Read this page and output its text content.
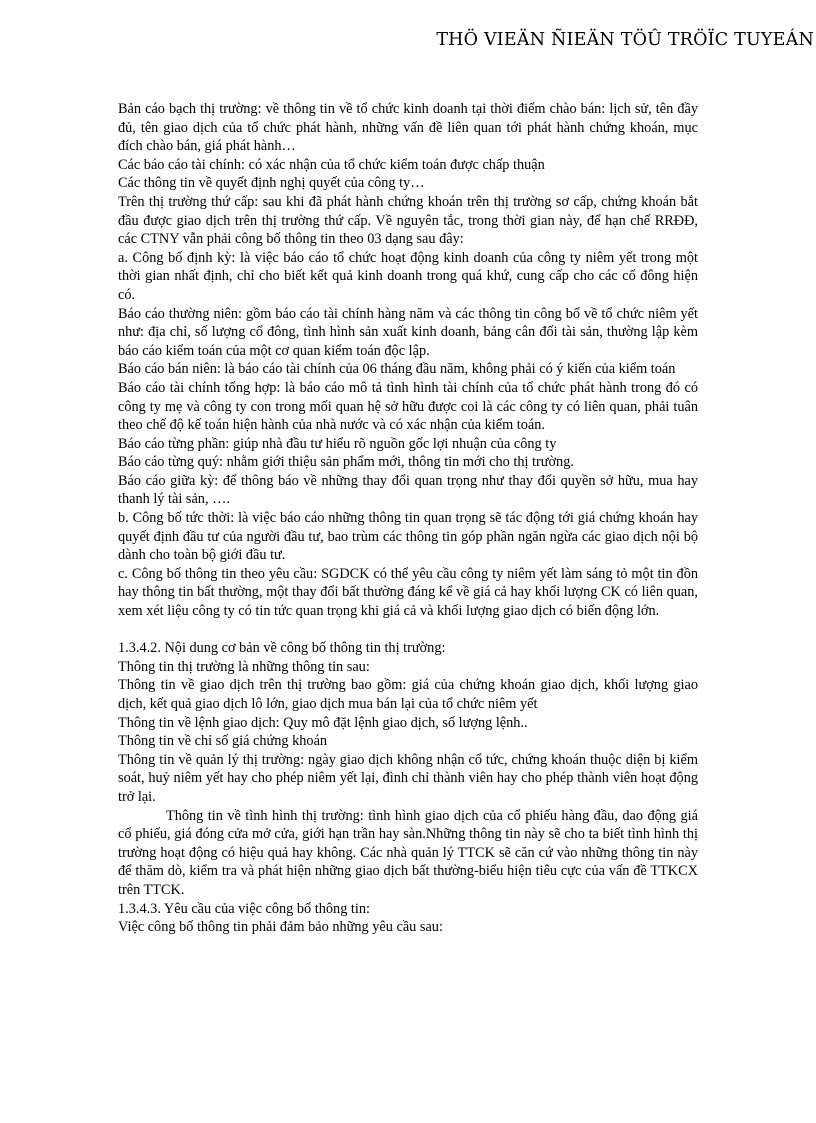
THÖ VIEÄN ÑIEÄN TÖÛ TRÖÏC TUYEÁN

Bản cáo bạch thị trường: về thông tin về tổ chức kinh doanh tại thời điểm chào bán: lịch sử, tên đầy đủ, tên giao dịch của tổ chức phát hành, những vấn đề liên quan tới phát hành chứng khoán, mục đích chào bán, giá phát hành…

Các báo cáo tài chính: có xác nhận của tổ chức kiểm toán được chấp thuận

Các thông tin về quyết định nghị quyết của công ty…

Trên thị trường thứ cấp: sau khi đã phát hành chứng khoán trên thị trường sơ cấp, chứng khoán bắt đầu được giao dịch trên thị trường thứ cấp. Về nguyên tắc, trong thời gian này, để hạn chế RRĐĐ, các CTNY vẫn phải công bố thông tin theo 03 dạng sau đây:

a. Công bố định kỳ: là việc báo cáo tổ chức hoạt động kinh doanh của công ty niêm yết trong một thời gian nhất định, chỉ cho biết kết quả kinh doanh trong quá khứ, cung cấp cho các cổ đông hiện có.

Báo cáo thường niên: gồm báo cáo tài chính hàng năm và các thông tin công bố về tổ chức niêm yết như: địa chỉ, số lượng cổ đông, tình hình sản xuất kinh doanh, bảng cân đối tài sản, thường lập kèm báo cáo kiểm toán của một cơ quan kiểm toán độc lập.

Báo cáo bán niên: là báo cáo tài chính của 06 tháng đầu năm, không phải có ý kiến của kiểm toán

Báo cáo tài chính tổng hợp: là báo cáo mô tả tình hình tài chính của tổ chức phát hành trong đó có công ty mẹ và công ty con trong mối quan hệ sở hữu được coi là các công ty có liên quan, phải tuân theo chế độ kế toán hiện hành của nhà nước và có xác nhận của kiểm toán.

Báo cáo từng phần: giúp nhà đầu tư hiểu rõ nguồn gốc lợi nhuận của công ty

Báo cáo từng quý: nhằm giới thiệu sản phẩm mới, thông tin mới cho thị trường.

Báo cáo giữa kỳ: để thông báo về những thay đổi quan trọng như thay đổi quyền sở hữu, mua hay thanh lý tài sản, ….

b. Công bố tức thời: là việc báo cáo những thông tin quan trọng sẽ tác động tới giá chứng khoán hay quyết định đầu tư của người đầu tư, bao trùm các thông tin góp phần ngăn ngừa các giao dịch nội bộ dành cho toàn bộ giới đầu tư.

c. Công bố thông tin theo yêu cầu: SGDCK có thể yêu cầu công ty niêm yết làm sáng tỏ một tin đồn hay thông tin bất thường, một thay đổi bất thường đáng kể về giá cả hay khối lượng CK có liên quan, xem xét liệu công ty có tin tức quan trọng khi giá cả và khối lượng giao dịch có biến động lớn.

1.3.4.2. Nội dung cơ bản về công bố thông tin thị trường:

Thông tin thị trường là những thông tin sau:

Thông tin về giao dịch trên thị trường bao gồm: giá của chứng khoán giao dịch, khối lượng giao dịch, kết quả giao dịch lô lớn, giao dịch mua bán lại của tổ chức niêm yết

Thông tin về lệnh giao dịch: Quy mô đặt lệnh giao dịch, số lượng lệnh..

Thông tin về chỉ số giá chứng khoán

Thông tin về quản lý thị trường: ngày giao dịch không nhận cổ tức, chứng khoán thuộc diện bị kiểm soát, huỷ niêm yết hay cho phép niêm yết lại, đình chỉ thành viên hay cho phép thành viên hoạt động trở lại.

Thông tin về tình hình thị trường: tình hình giao dịch của cổ phiếu hàng đầu, dao động giá cổ phiếu, giá đóng cửa mở cửa, giới hạn trần hay sàn.Những thông tin này sẽ cho ta biết tình hình thị trường hoạt động có hiệu quả hay không. Các nhà quản lý TTCK sẽ căn cứ vào những thông tin này để thăm dò, kiểm tra và phát hiện những giao dịch bất thường-biểu hiện tiêu cực của vấn đề TTKCX trên TTCK.

1.3.4.3. Yêu cầu của việc công bố thông tin:

Việc công bố thông tin phải đảm bảo những yêu cầu sau:
